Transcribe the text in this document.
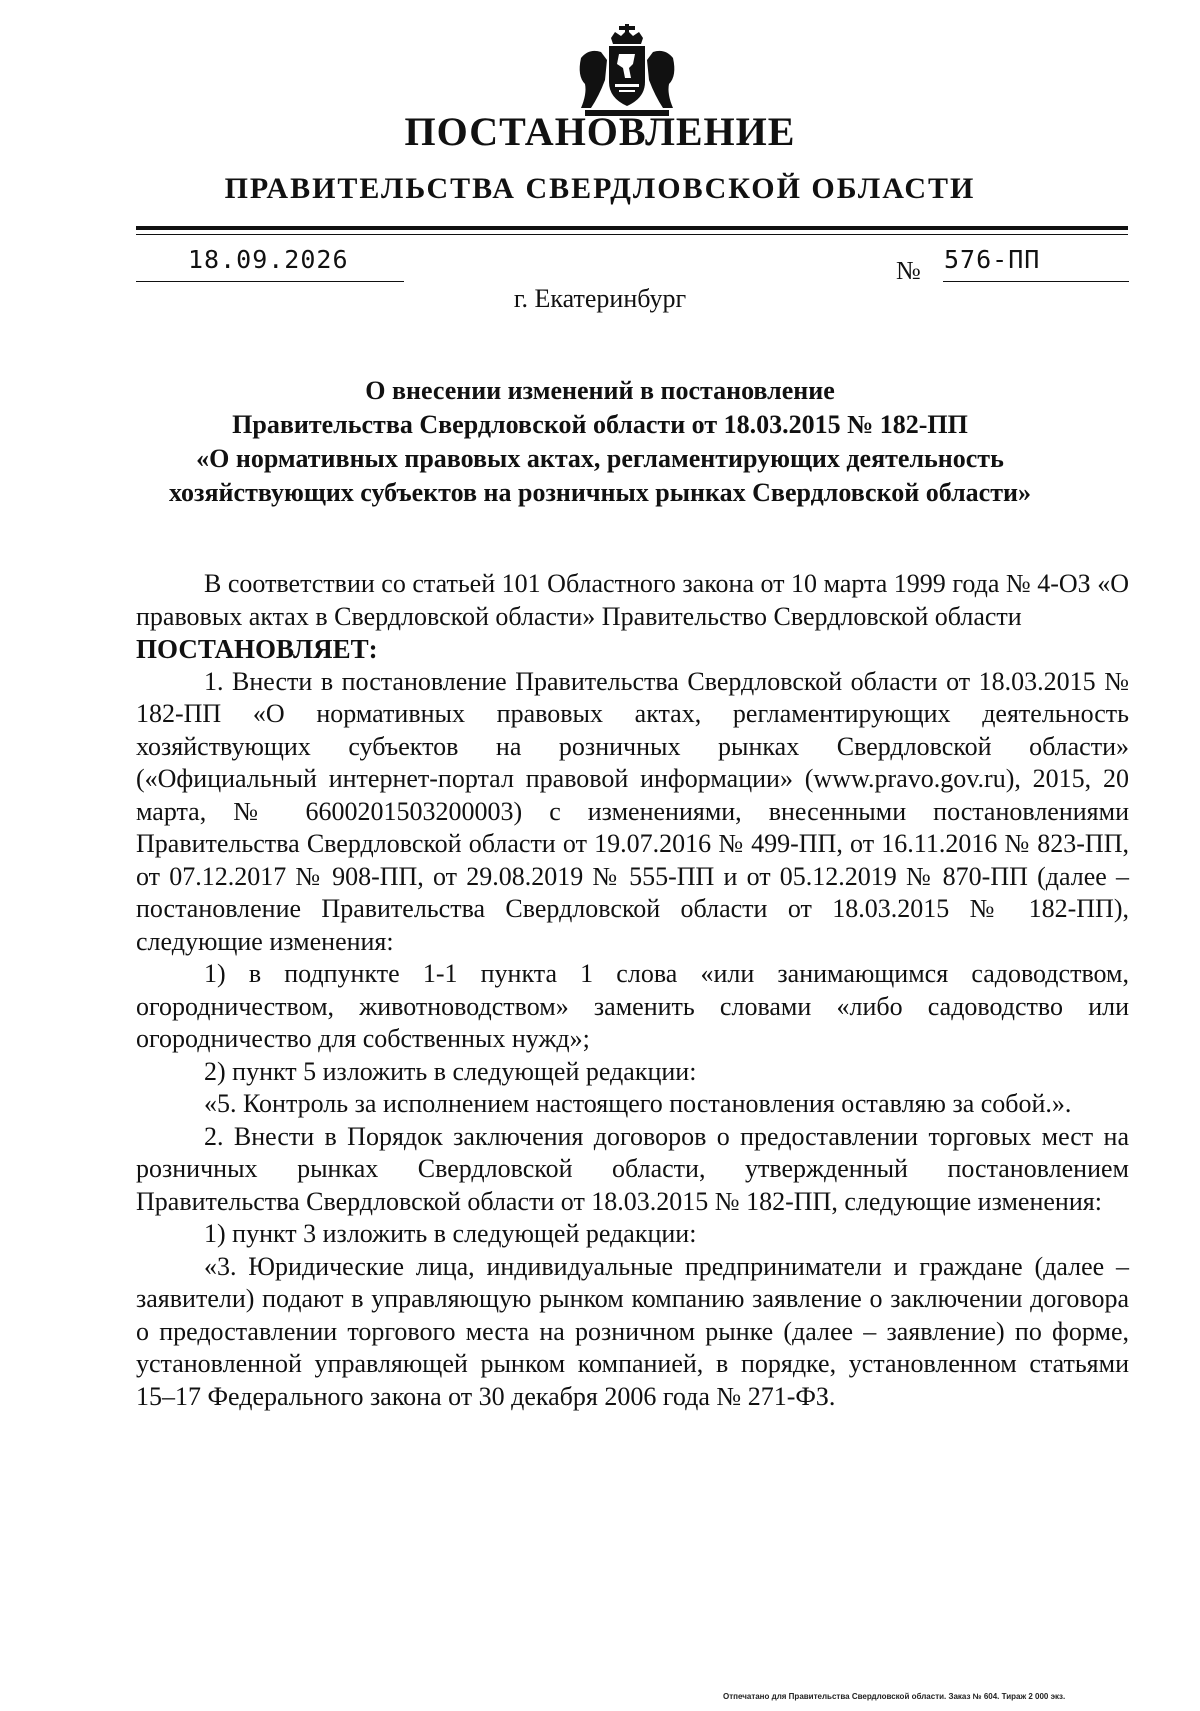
ПОСТАНОВЛЕНИЕ
ПРАВИТЕЛЬСТВА СВЕРДЛОВСКОЙ ОБЛАСТИ
18.09.2026	№ 576-ПП
г. Екатеринбург
О внесении изменений в постановление
Правительства Свердловской области от 18.03.2015 № 182-ПП
«О нормативных правовых актах, регламентирующих деятельность
хозяйствующих субъектов на розничных рынках Свердловской области»

В соответствии со статьей 101 Областного закона от 10 марта 1999 года № 4-ОЗ «О правовых актах в Свердловской области» Правительство Свердловской области

ПОСТАНОВЛЯЕТ:

1. Внести в постановление Правительства Свердловской области от 18.03.2015 № 182-ПП «О нормативных правовых актах, регламентирующих деятельность хозяйствующих субъектов на розничных рынках Свердловской области» («Официальный интернет-портал правовой информации» (www.pravo.gov.ru), 2015, 20 марта, № 6600201503200003) с изменениями, внесенными постановлениями Правительства Свердловской области от 19.07.2016 № 499-ПП, от 16.11.2016 № 823-ПП, от 07.12.2017 № 908-ПП, от 29.08.2019 № 555-ПП и от 05.12.2019 № 870-ПП (далее – постановление Правительства Свердловской области от 18.03.2015 № 182-ПП), следующие изменения:

1) в подпункте 1-1 пункта 1 слова «или занимающимся садоводством, огородничеством, животноводством» заменить словами «либо садоводство или огородничество для собственных нужд»;

2) пункт 5 изложить в следующей редакции:

«5. Контроль за исполнением настоящего постановления оставляю за собой.».

2. Внести в Порядок заключения договоров о предоставлении торговых мест на розничных рынках Свердловской области, утвержденный постановлением Правительства Свердловской области от 18.03.2015 № 182-ПП, следующие изменения:

1) пункт 3 изложить в следующей редакции:

«3. Юридические лица, индивидуальные предприниматели и граждане (далее – заявители) подают в управляющую рынком компанию заявление о заключении договора о предоставлении торгового места на розничном рынке (далее – заявление) по форме, установленной управляющей рынком компанией, в порядке, установленном статьями 15–17 Федерального закона от 30 декабря 2006 года № 271-ФЗ.

Отпечатано для Правительства Свердловской области. Заказ № 604. Тираж 2 000 экз.
